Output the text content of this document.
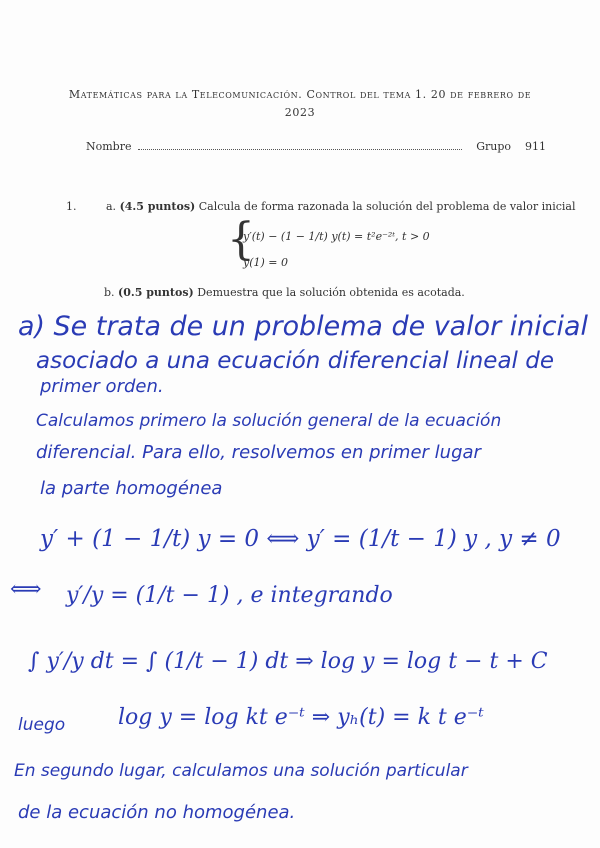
Matemáticas para la Telecomunicación. Control del tema 1. 20 de febrero de
2023
Nombre	Grupo 911
1.	a. (4.5 puntos) Calcula de forma razonada la solución del problema de valor inicial
{
y′(t) − (1 − 1/t) y(t) = t²e⁻²ᵗ, t > 0
y(1) = 0
b. (0.5 puntos) Demuestra que la solución obtenida es acotada.
a) Se trata de un problema de valor inicial
asociado a una ecuación diferencial lineal de
primer orden.
Calculamos primero la solución general de la ecuación
diferencial. Para ello, resolvemos en primer lugar
la parte homogénea
y′ + (1 − 1/t) y = 0 ⟺ y′ = (1/t − 1) y , y ≠ 0
⟺ y′/y = (1/t − 1) , e integrando
∫ y′/y dt = ∫ (1/t − 1) dt ⇒ log y = log t − t + C
luego log y = log kt e⁻ᵗ ⇒ yₕ(t) = k t e⁻ᵗ
En segundo lugar, calculamos una solución particular
de la ecuación no homogénea.
